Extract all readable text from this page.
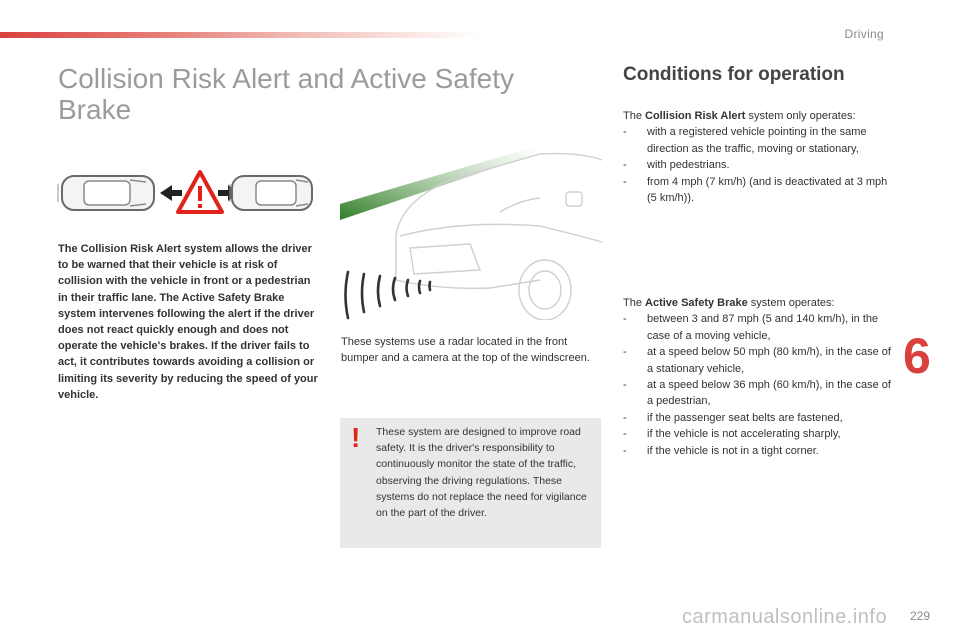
Driving
Collision Risk Alert and Active Safety Brake

The Collision Risk Alert system allows the driver to be warned that their vehicle is at risk of collision with the vehicle in front or a pedestrian in their traffic lane. The Active Safety Brake system intervenes following the alert if the driver does not react quickly enough and does not operate the vehicle's brakes. If the driver fails to act, it contributes towards avoiding a collision or limiting its severity by reducing the speed of your vehicle.

These systems use a radar located in the front bumper and a camera at the top of the windscreen.

! These system are designed to improve road safety. It is the driver's responsibility to continuously monitor the state of the traffic, observing the driving regulations. These systems do not replace the need for vigilance on the part of the driver.

Conditions for operation

The Collision Risk Alert system only operates:

- with a registered vehicle pointing in the same direction as the traffic, moving or stationary,
- with pedestrians.
- from 4 mph (7 km/h) (and is deactivated at 3 mph (5 km/h)).

The Active Safety Brake system operates:

- between 3 and 87 mph (5 and 140 km/h), in the case of a moving vehicle,
- at a speed below 50 mph (80 km/h), in the case of a stationary vehicle,
- at a speed below 36 mph (60 km/h), in the case of a pedestrian,
- if the passenger seat belts are fastened,
- if the vehicle is not accelerating sharply,
- if the vehicle is not in a tight corner.
6
carmanualsonline.info 229
